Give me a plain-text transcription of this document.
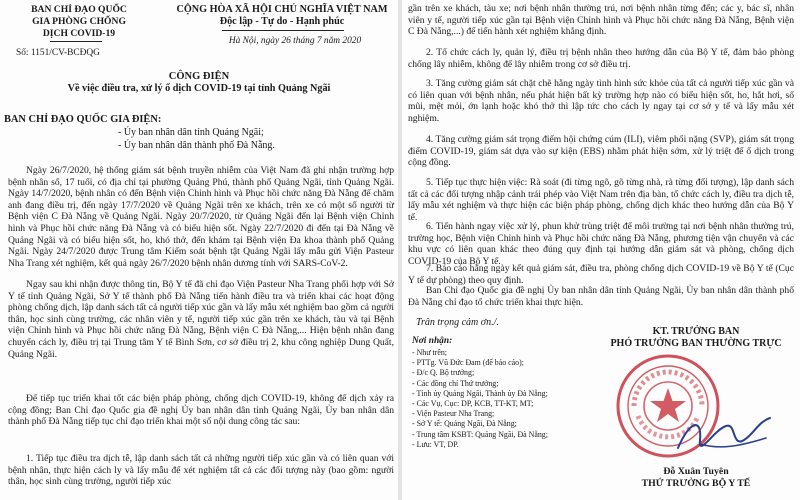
BAN CHỈ ĐẠO QUỐC
GIA PHÒNG CHỐNG
DỊCH COVID-19
CỘNG HÒA XÃ HỘI CHỦ NGHĨA VIỆT NAM
Độc lập - Tự do - Hạnh phúc
Hà Nội, ngày 26 tháng 7 năm 2020
Số: 1151/CV-BCĐQG
CÔNG ĐIỆN
Về việc điều tra, xử lý ổ dịch COVID-19 tại tỉnh Quảng Ngãi
BAN CHỈ ĐẠO QUỐC GIA ĐIỆN:
- Ủy ban nhân dân tỉnh Quảng Ngãi;
- Ủy ban nhân dân thành phố Đà Nẵng.

Ngày 26/7/2020, hệ thống giám sát bệnh truyền nhiễm của Việt Nam đã ghi nhận trường hợp bệnh nhân số, 17 tuổi, có địa chỉ tại phường Quảng Phú, thành phố Quảng Ngãi, tỉnh Quảng Ngãi. Ngày 14/7/2020, bệnh nhân có đến Bệnh viện Chỉnh hình và Phục hồi chức năng Đà Nẵng để chăm anh đang điều trị, đến ngày 17/7/2020 về Quảng Ngãi trên xe khách, trên xe có một số người từ Bệnh viện C Đà Nẵng về Quảng Ngãi. Ngày 20/7/2020, từ Quảng Ngãi đến lại Bệnh viện Chỉnh hình và Phục hồi chức năng Đà Nẵng và có biểu hiện sốt. Ngày 22/7/2020 đi đến tại Đà Nẵng về Quảng Ngãi và có biểu hiện sốt, ho, khó thở, đến khám tại Bệnh viện Đa khoa thành phố Quảng Ngãi. Ngày 24/7/2020 được Trung tâm Kiểm soát bệnh tật Quảng Ngãi lấy mẫu gửi Viện Pasteur Nha Trang xét nghiệm, kết quả ngày 26/7/2020 bệnh nhân dương tính với SARS-CoV-2.

Ngay sau khi nhận được thông tin, Bộ Y tế đã chỉ đạo Viện Pasteur Nha Trang phối hợp với Sở Y tế tỉnh Quảng Ngãi, Sở Y tế thành phố Đà Nẵng tiến hành điều tra và triển khai các hoạt động phòng chống dịch, lập danh sách tất cả người tiếp xúc gần và lấy mẫu xét nghiệm bao gồm cả người thân, học sinh cùng trường, các nhân viên y tế, người tiếp xúc gần trên xe khách, tàu và tại Bệnh viện Chỉnh hình và Phục hồi chức năng Đà Nẵng, Bệnh viện C Đà Nẵng,... Hiện bệnh nhân đang chuyển cách ly, điều trị tại Trung tâm Y tế Bình Sơn, cơ sở điều trị 2, khu công nghiệp Dung Quất, Quảng Ngãi.

Để tiếp tục triển khai tốt các biện pháp phòng, chống dịch COVID-19, không để dịch xảy ra cộng đồng; Ban Chỉ đạo Quốc gia đề nghị Ủy ban nhân dân tỉnh Quảng Ngãi, Ủy ban nhân dân thành phố Đà Nẵng tiếp tục chỉ đạo triển khai một số nội dung công tác sau:

1. Tiếp tục điều tra dịch tễ, lập danh sách tất cả những người tiếp xúc gần và có liên quan với bệnh nhân, thực hiện cách ly và lấy mẫu để xét nghiệm tất cả các đối tượng này (bao gồm: người thân, học sinh cùng trường, người tiếp xúc

gần trên xe khách, tàu xe; nơi bệnh nhân thường trú, nơi bệnh nhân từng đến; các y, bác sĩ, nhân viên y tế, người tiếp xúc gần tại Bệnh viện Chỉnh hình và Phục hồi chức năng Đà Nẵng, Bệnh viện C Đà Nẵng,...) để tiến hành xét nghiệm khẳng định.

2. Tổ chức cách ly, quản lý, điều trị bệnh nhân theo hướng dẫn của Bộ Y tế, đảm bảo phòng chống lây nhiễm, không để lây nhiễm trong cơ sở điều trị.

3. Tăng cường giám sát chặt chẽ hằng ngày tình hình sức khỏe của tất cả người tiếp xúc gần và có liên quan với bệnh nhân, nếu phát hiện bất kỳ trường hợp nào có biểu hiện sốt, ho, hắt hơi, sổ mũi, mệt mỏi, ớn lạnh hoặc khó thở thì lập tức cho cách ly ngay tại cơ sở y tế và lấy mẫu xét nghiệm.

4. Tăng cường giám sát trọng điểm hội chứng cúm (ILI), viêm phổi nặng (SVP), giám sát trọng điểm COVID-19, giám sát dựa vào sự kiện (EBS) nhằm phát hiện sớm, xử lý triệt để ổ dịch trong cộng đồng.

5. Tiếp tục thực hiện việc: Rà soát (đi từng ngõ, gõ từng nhà, rà từng đối tượng), lập danh sách tất cả các đối tượng nhập cảnh trái phép vào Việt Nam trên địa bàn, tổ chức cách ly, điều tra dịch tễ, lấy mẫu xét nghiệm và thực hiện các biện pháp phòng, chống dịch khác theo hướng dẫn của Bộ Y tế.

6. Tiến hành ngay việc xử lý, phun khử trùng triệt để môi trường tại nơi bệnh nhân thường trú, trường học, Bệnh viện Chỉnh hình và Phục hồi chức năng Đà Nẵng, phương tiện vận chuyển và các khu vực có liên quan khác theo đúng quy định tại hướng dẫn giám sát và phòng, chống dịch COVID-19 của Bộ Y tế.

7. Báo cáo hằng ngày kết quả giám sát, điều tra, phòng chống dịch COVID-19 về Bộ Y tế (Cục Y tế dự phòng) theo quy định.

Ban Chỉ đạo Quốc gia đề nghị Ủy ban nhân dân tỉnh Quảng Ngãi, Ủy ban nhân dân thành phố Đà Nẵng chỉ đạo tổ chức triển khai thực hiện.

Trân trọng cảm ơn./.
Nơi nhận:
- Như trên;
- PTTg. Vũ Đức Đam (để báo cáo);
- Đ/c Q. Bộ trưởng;
- Các đồng chí Thứ trưởng;
- Tỉnh ủy Quảng Ngãi, Thành ủy Đà Nẵng;
- Các Vụ, Cục: DP, KCB, TT-KT, MT;
- Viện Pasteur Nha Trang;
- Sở Y tế: Quảng Ngãi, Đà Nẵng;
- Trung tâm KSBT: Quảng Ngãi, Đà Nẵng;
- Lưu: VT, DP.
KT. TRƯỞNG BAN
PHÓ TRƯỞNG BAN THƯỜNG TRỰC
Đỗ Xuân Tuyên
THỨ TRƯỞNG BỘ Y TẾ
